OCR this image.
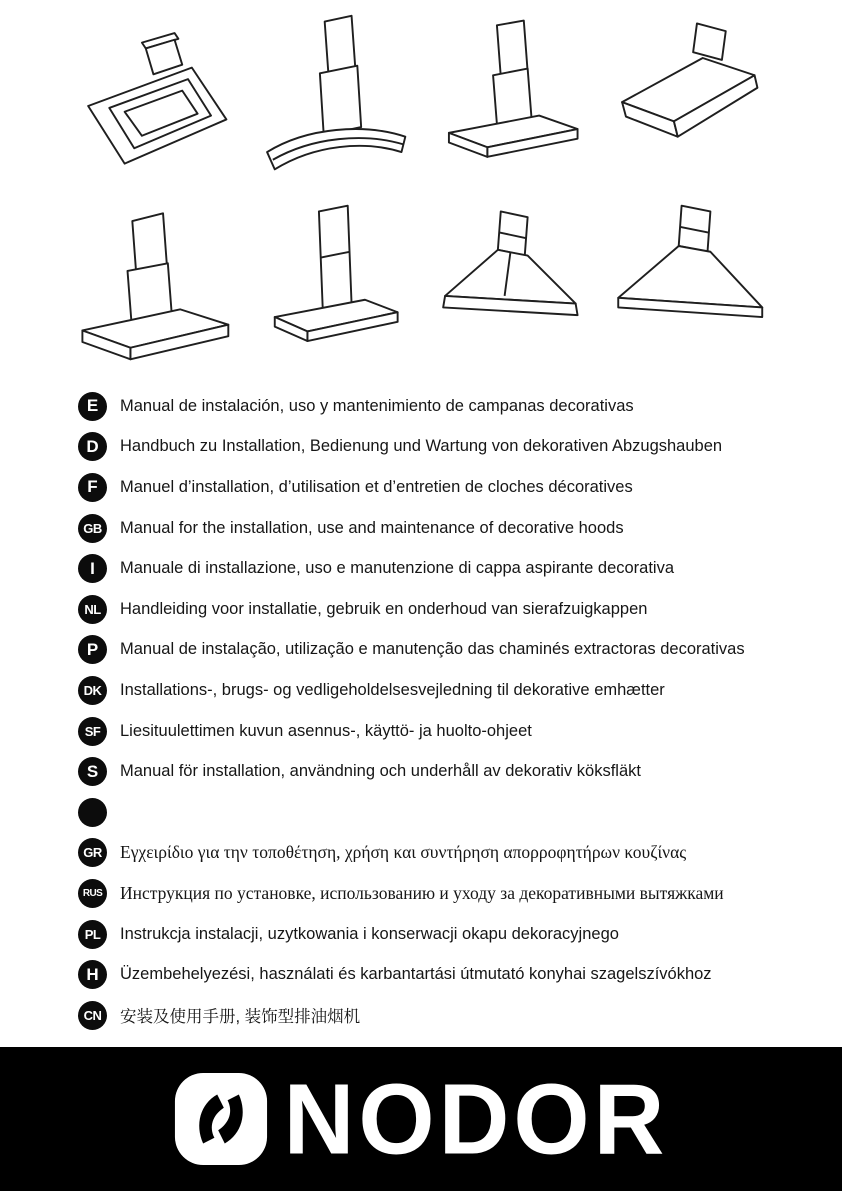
E	Manual de instalación, uso y mantenimiento de campanas decorativas
D	Handbuch zu Installation, Bedienung und Wartung von dekorativen Abzugshauben
F	Manuel d’installation, d’utilisation et d’entretien de cloches décoratives
GB	Manual for the installation, use and maintenance of decorative hoods
I	Manuale di installazione, uso e manutenzione di cappa aspirante decorativa
NL	Handleiding voor installatie, gebruik en onderhoud van sierafzuigkappen
P	Manual de instalação, utilização e manutenção das chaminés extractoras decorativas
DK	Installations-, brugs- og vedligeholdelsesvejledning til dekorative emhætter
SF	Liesituulettimen kuvun asennus-, käyttö- ja huolto-ohjeet
S	Manual för installation, användning och underhåll av dekorativ köksfläkt
GR	Εγχειρίδιο για την τοποθέτηση, χρήση και συντήρηση απορροφητήρων κουζίνας
RUS Инструкция по установке, использованию и уходу за декоративными вытяжками
PL	Instrukcja instalacji, uzytkowania i konserwacji okapu dekoracyjnego
H	Üzembehelyezési, használati és karbantartási útmutató konyhai szagelszívókhoz
CN	安装及使用手册, 装饰型排油烟机
NODOR
